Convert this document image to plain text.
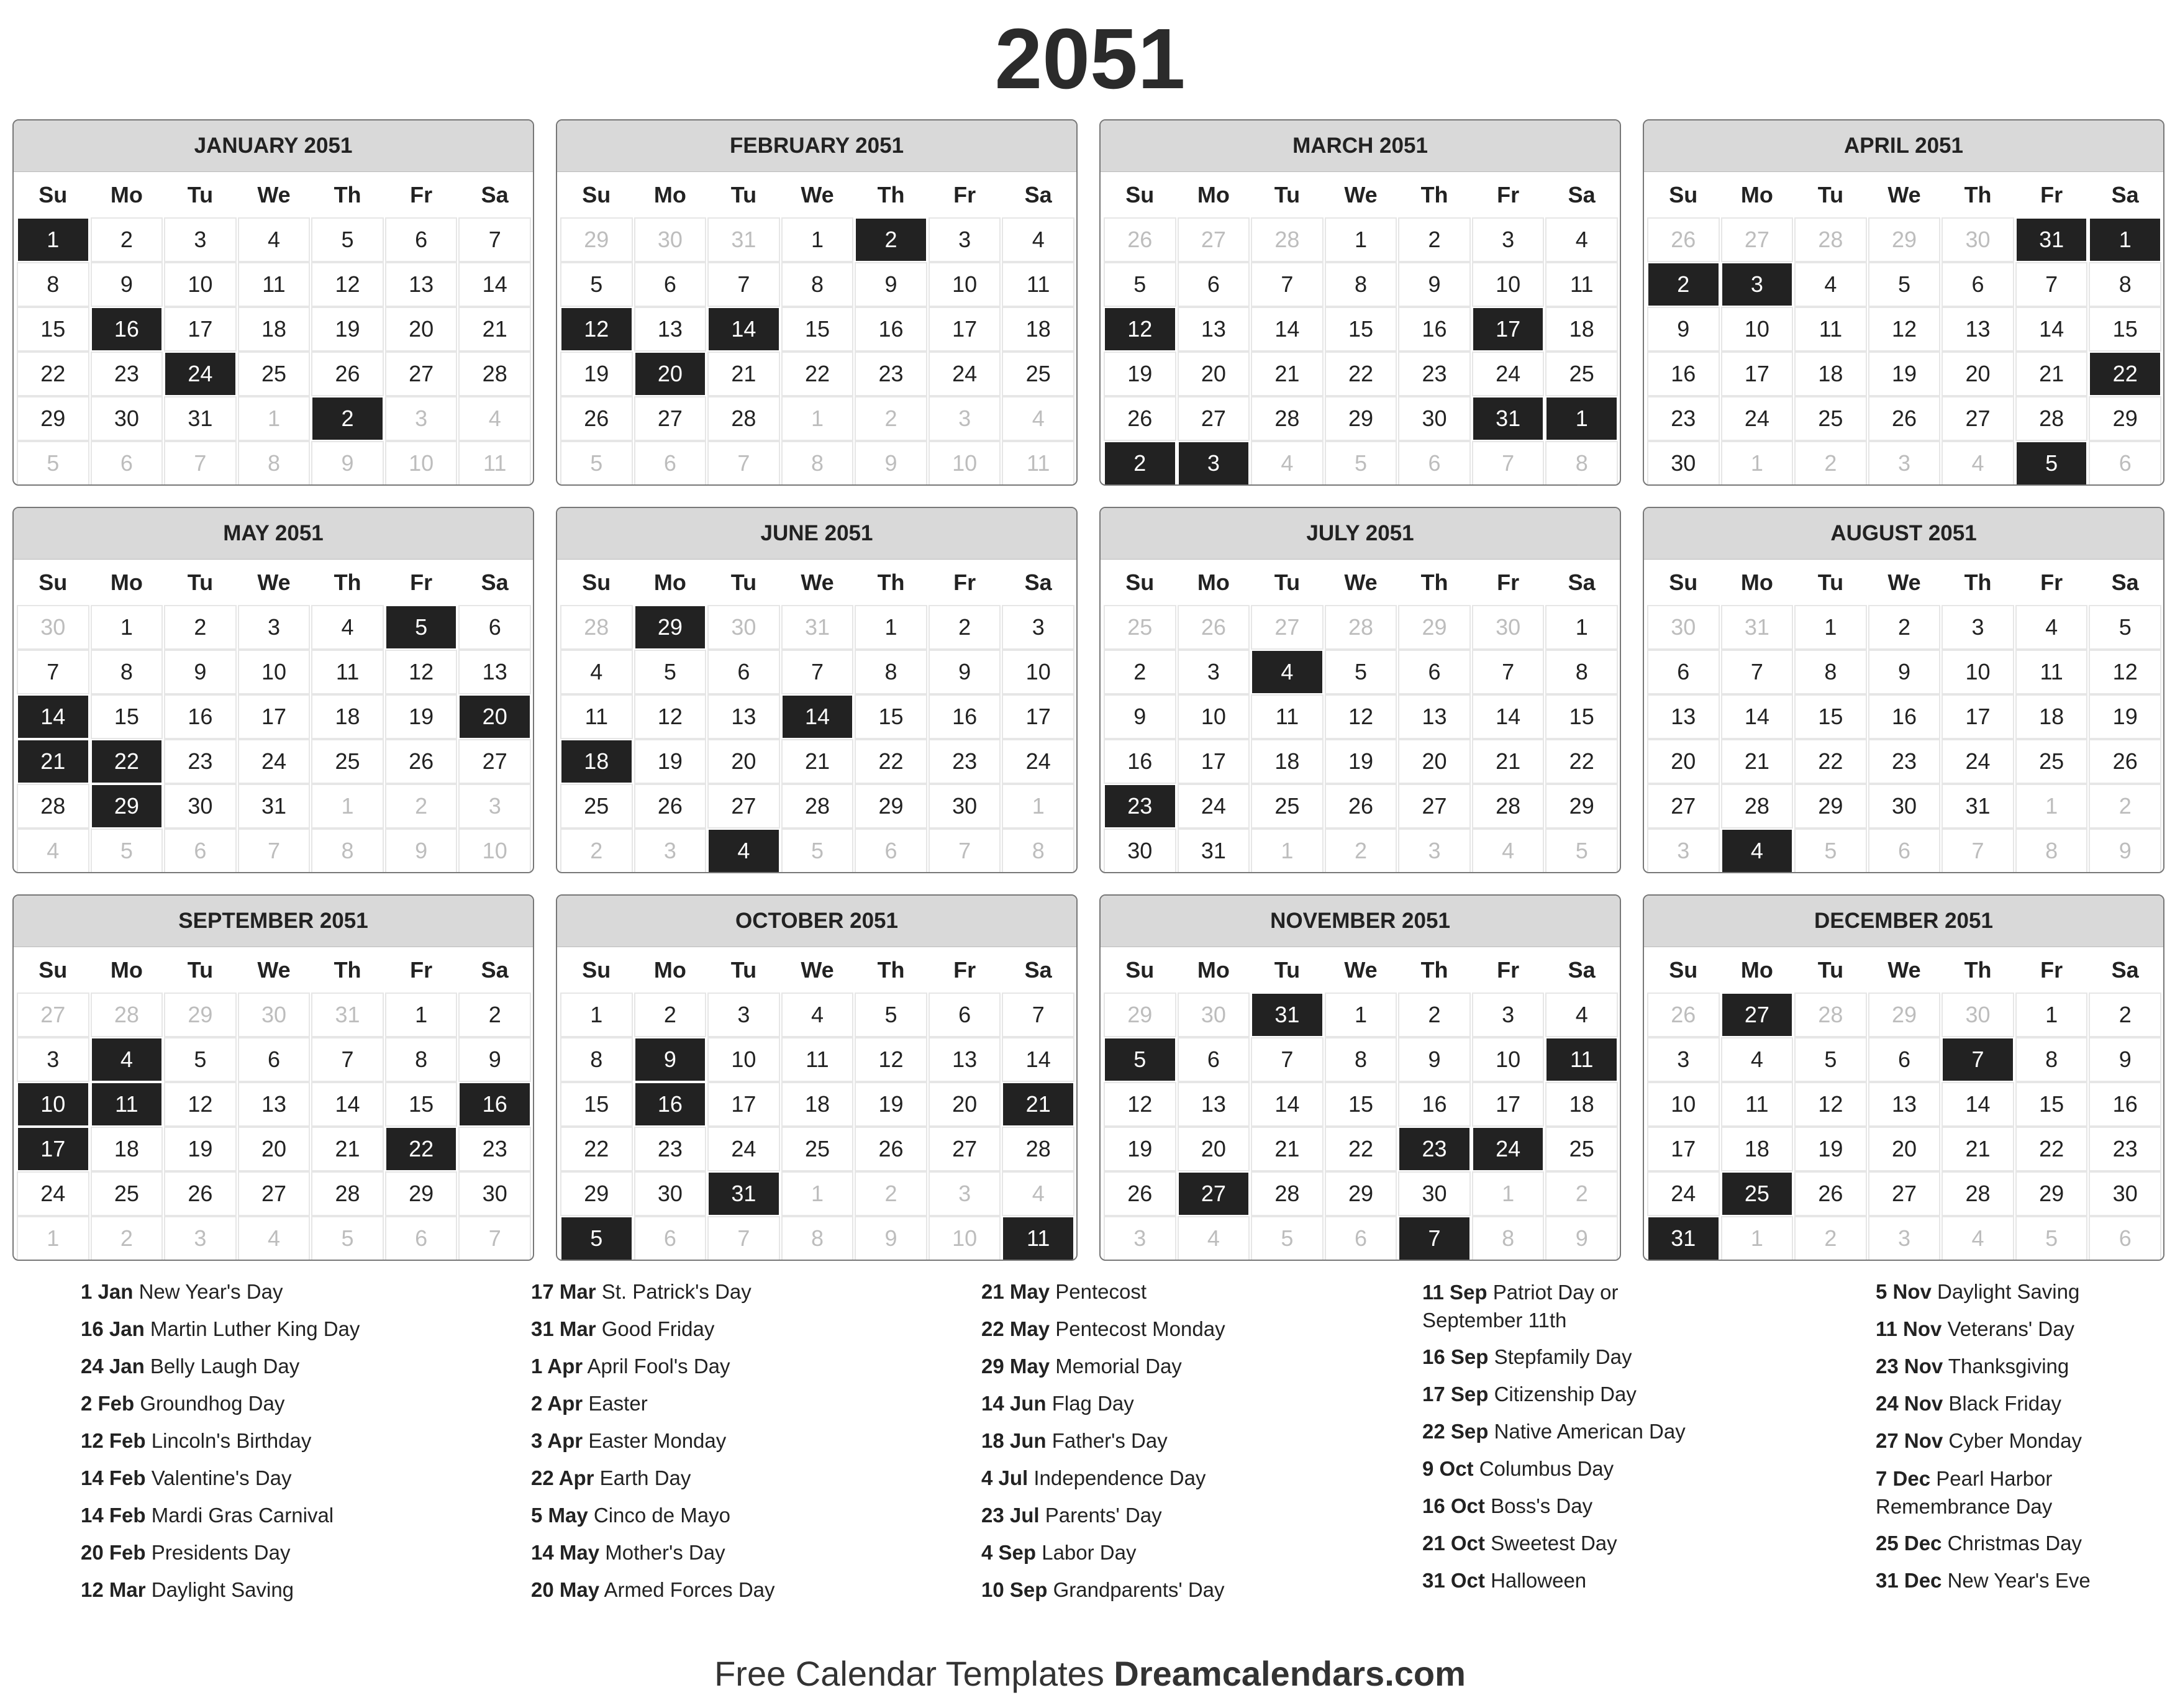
2051
JANUARY 2051
Su	Mo	Tu	We	Th	Fr	Sa
1	2	3	4	5	6	7
8	9	10	11	12	13	14
15	16	17	18	19	20	21
22	23	24	25	26	27	28
29	30	31	1	2	3	4
5	6	7	8	9	10	11
FEBRUARY 2051
Su	Mo	Tu	We	Th	Fr	Sa
29	30	31	1	2	3	4
5	6	7	8	9	10	11
12	13	14	15	16	17	18
19	20	21	22	23	24	25
26	27	28	1	2	3	4
5	6	7	8	9	10	11
MARCH 2051
Su	Mo	Tu	We	Th	Fr	Sa
26	27	28	1	2	3	4
5	6	7	8	9	10	11
12	13	14	15	16	17	18
19	20	21	22	23	24	25
26	27	28	29	30	31	1
2	3	4	5	6	7	8
APRIL 2051
Su	Mo	Tu	We	Th	Fr	Sa
26	27	28	29	30	31	1
2	3	4	5	6	7	8
9	10	11	12	13	14	15
16	17	18	19	20	21	22
23	24	25	26	27	28	29
30	1	2	3	4	5	6
MAY 2051
Su	Mo	Tu	We	Th	Fr	Sa
30	1	2	3	4	5	6
7	8	9	10	11	12	13
14	15	16	17	18	19	20
21	22	23	24	25	26	27
28	29	30	31	1	2	3
4	5	6	7	8	9	10
JUNE 2051
Su	Mo	Tu	We	Th	Fr	Sa
28	29	30	31	1	2	3
4	5	6	7	8	9	10
11	12	13	14	15	16	17
18	19	20	21	22	23	24
25	26	27	28	29	30	1
2	3	4	5	6	7	8
JULY 2051
Su	Mo	Tu	We	Th	Fr	Sa
25	26	27	28	29	30	1
2	3	4	5	6	7	8
9	10	11	12	13	14	15
16	17	18	19	20	21	22
23	24	25	26	27	28	29
30	31	1	2	3	4	5
AUGUST 2051
Su	Mo	Tu	We	Th	Fr	Sa
30	31	1	2	3	4	5
6	7	8	9	10	11	12
13	14	15	16	17	18	19
20	21	22	23	24	25	26
27	28	29	30	31	1	2
3	4	5	6	7	8	9
SEPTEMBER 2051
Su	Mo	Tu	We	Th	Fr	Sa
27	28	29	30	31	1	2
3	4	5	6	7	8	9
10	11	12	13	14	15	16
17	18	19	20	21	22	23
24	25	26	27	28	29	30
1	2	3	4	5	6	7
OCTOBER 2051
Su	Mo	Tu	We	Th	Fr	Sa
1	2	3	4	5	6	7
8	9	10	11	12	13	14
15	16	17	18	19	20	21
22	23	24	25	26	27	28
29	30	31	1	2	3	4
5	6	7	8	9	10	11
NOVEMBER 2051
Su	Mo	Tu	We	Th	Fr	Sa
29	30	31	1	2	3	4
5	6	7	8	9	10	11
12	13	14	15	16	17	18
19	20	21	22	23	24	25
26	27	28	29	30	1	2
3	4	5	6	7	8	9
DECEMBER 2051
Su	Mo	Tu	We	Th	Fr	Sa
26	27	28	29	30	1	2
3	4	5	6	7	8	9
10	11	12	13	14	15	16
17	18	19	20	21	22	23
24	25	26	27	28	29	30
31	1	2	3	4	5	6
1 Jan New Year's Day
16 Jan Martin Luther King Day
24 Jan Belly Laugh Day
2 Feb Groundhog Day
12 Feb Lincoln's Birthday
14 Feb Valentine's Day
14 Feb Mardi Gras Carnival
20 Feb Presidents Day
12 Mar Daylight Saving
17 Mar St. Patrick's Day
31 Mar Good Friday
1 Apr April Fool's Day
2 Apr Easter
3 Apr Easter Monday
22 Apr Earth Day
5 May Cinco de Mayo
14 May Mother's Day
20 May Armed Forces Day
21 May Pentecost
22 May Pentecost Monday
29 May Memorial Day
14 Jun Flag Day
18 Jun Father's Day
4 Jul Independence Day
23 Jul Parents' Day
4 Sep Labor Day
10 Sep Grandparents' Day
11 Sep Patriot Day or September 11th
16 Sep Stepfamily Day
17 Sep Citizenship Day
22 Sep Native American Day
9 Oct Columbus Day
16 Oct Boss's Day
21 Oct Sweetest Day
31 Oct Halloween
5 Nov Daylight Saving
11 Nov Veterans' Day
23 Nov Thanksgiving
24 Nov Black Friday
27 Nov Cyber Monday
7 Dec Pearl Harbor Remembrance Day
25 Dec Christmas Day
31 Dec New Year's Eve
Free Calendar Templates Dreamcalendars.com
